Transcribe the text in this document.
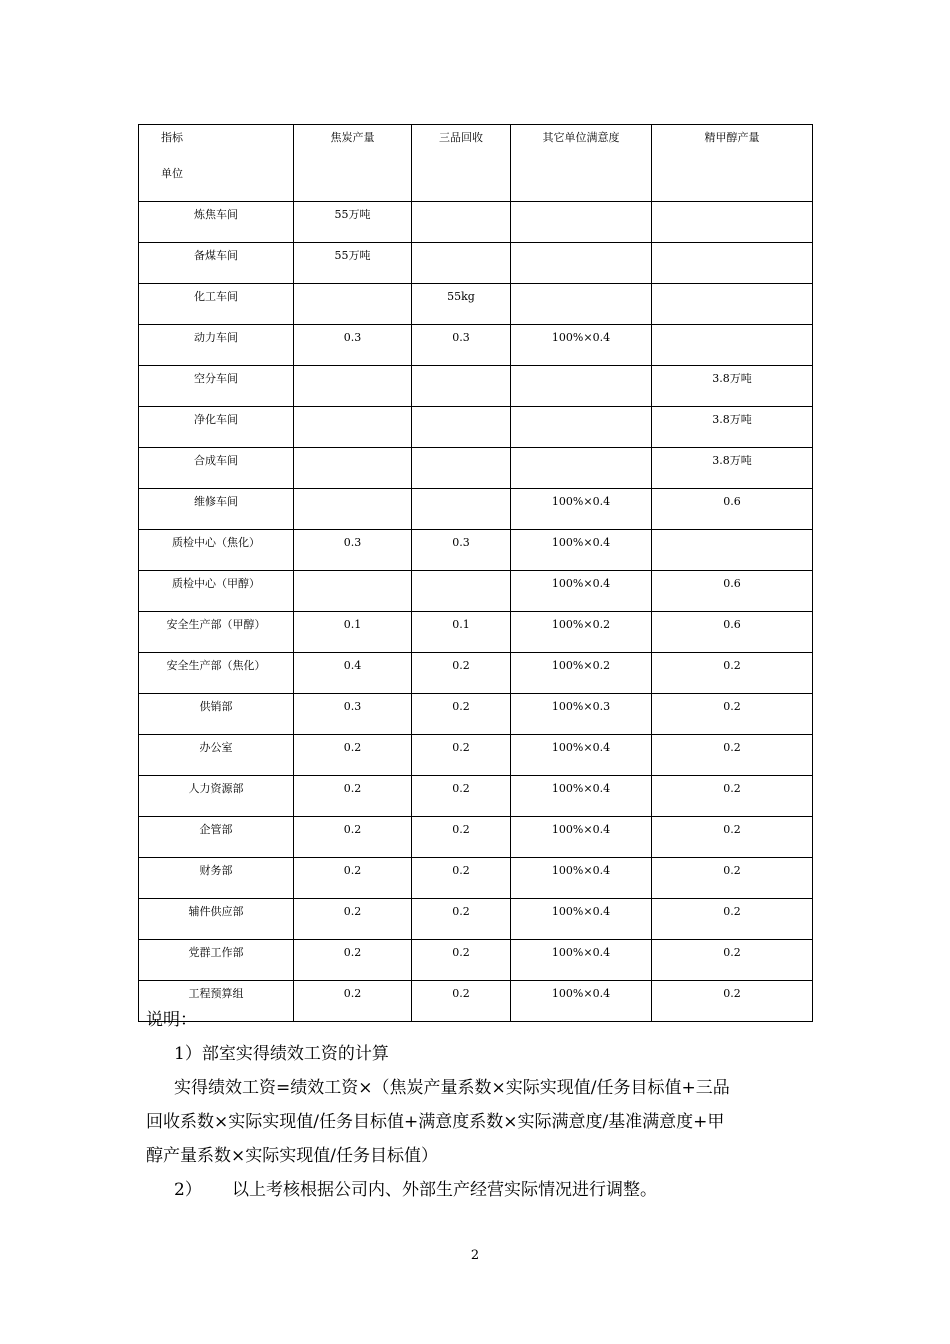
指标
单位	焦炭产量	三品回收	其它单位满意度	精甲醇产量
炼焦车间	55万吨			
备煤车间	55万吨			
化工车间		55kg		
动力车间	0.3	0.3	100%×0.4	
空分车间				3.8万吨
净化车间				3.8万吨
合成车间				3.8万吨
维修车间			100%×0.4	0.6
质检中心（焦化）	0.3	0.3	100%×0.4	
质检中心（甲醇）			100%×0.4	0.6
安全生产部（甲醇）	0.1	0.1	100%×0.2	0.6
安全生产部（焦化）	0.4	0.2	100%×0.2	0.2
供销部	0.3	0.2	100%×0.3	0.2
办公室	0.2	0.2	100%×0.4	0.2
人力资源部	0.2	0.2	100%×0.4	0.2
企管部	0.2	0.2	100%×0.4	0.2
财务部	0.2	0.2	100%×0.4	0.2
辅件供应部	0.2	0.2	100%×0.4	0.2
党群工作部	0.2	0.2	100%×0.4	0.2
工程预算组	0.2	0.2	100%×0.4	0.2

说明：

1）部室实得绩效工资的计算

实得绩效工资=绩效工资×（焦炭产量系数×实际实现值/任务目标值+三品

回收系数×实际实现值/任务目标值+满意度系数×实际满意度/基准满意度+甲

醇产量系数×实际实现值/任务目标值）

2） 以上考核根据公司内、外部生产经营实际情况进行调整。

2
